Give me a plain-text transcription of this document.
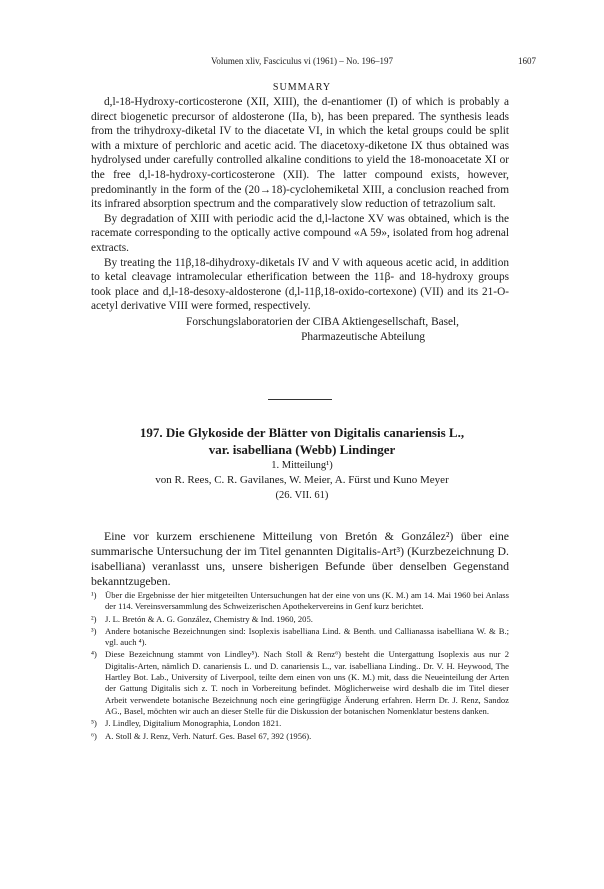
Volumen xliv, Fasciculus vi (1961) – No. 196–197	1607
SUMMARY

d,l-18-Hydroxy-corticosterone (XII, XIII), the d-enantiomer (I) of which is probably a direct biogenetic precursor of aldosterone (IIa, b), has been prepared. The synthesis leads from the trihydroxy-diketal IV to the diacetate VI, in which the ketal groups could be split with a mixture of perchloric and acetic acid. The diacetoxy-diketone IX thus obtained was hydrolysed under carefully controlled alkaline conditions to yield the 18-monoacetate XI or the free d,l-18-hydroxy-corticosterone (XII). The latter compound exists, however, predominantly in the form of the (20→18)-cyclohemiketal XIII, a conclusion reached from its infrared absorption spectrum and the comparatively slow reduction of tetrazolium salt.

By degradation of XIII with periodic acid the d,l-lactone XV was obtained, which is the racemate corresponding to the optically active compound «A 59», isolated from hog adrenal extracts.

By treating the 11β,18-dihydroxy-diketals IV and V with aqueous acetic acid, in addition to ketal cleavage intramolecular etherification between the 11β- and 18-hydroxy groups took place and d,l-18-desoxy-aldosterone (d,l-11β,18-oxido-cortexone) (VII) and its 21-O-acetyl derivative VIII were formed, respectively.

Forschungslaboratorien der CIBA Aktiengesellschaft, Basel,
Pharmazeutische Abteilung
197. Die Glykoside der Blätter von Digitalis canariensis L.,
var. isabelliana (Webb) Lindinger
1. Mitteilung¹)
von R. Rees, C. R. Gavilanes, W. Meier, A. Fürst und Kuno Meyer
(26. VII. 61)

Eine vor kurzem erschienene Mitteilung von Bretón & González²) über eine summarische Untersuchung der im Titel genannten Digitalis-Art³) (Kurzbezeichnung D. isabelliana) veranlasst uns, unsere bisherigen Befunde über denselben Gegenstand bekanntzugeben.

¹) Über die Ergebnisse der hier mitgeteilten Untersuchungen hat der eine von uns (K. M.) am 14. Mai 1960 bei Anlass der 114. Vereinsversammlung des Schweizerischen Apothekervereins in Genf kurz berichtet.
²) J. L. Bretón & A. G. González, Chemistry & Ind. 1960, 205.
³) Andere botanische Bezeichnungen sind: Isoplexis isabelliana Lind. & Benth. und Callianassa isabelliana W. & B.; vgl. auch ⁴).
⁴) Diese Bezeichnung stammt von Lindley⁵). Nach Stoll & Renz⁶) besteht die Untergattung Isoplexis aus nur 2 Digitalis-Arten, nämlich D. canariensis L. und D. canariensis L., var. isabelliana Linding.. Dr. V. H. Heywood, The Hartley Bot. Lab., University of Liverpool, teilte dem einen von uns (K. M.) mit, dass die Neueinteilung der Arten der Gattung Digitalis sich z. T. noch in Vorbereitung befindet. Möglicherweise wird deshalb die im Titel dieser Arbeit verwendete botanische Bezeichnung noch eine geringfügige Änderung erfahren. Herrn Dr. J. Renz, Sandoz AG., Basel, möchten wir auch an dieser Stelle für die Diskussion der botanischen Nomenklatur bestens danken.
⁵) J. Lindley, Digitalium Monographia, London 1821.
⁶) A. Stoll & J. Renz, Verh. Naturf. Ges. Basel 67, 392 (1956).
